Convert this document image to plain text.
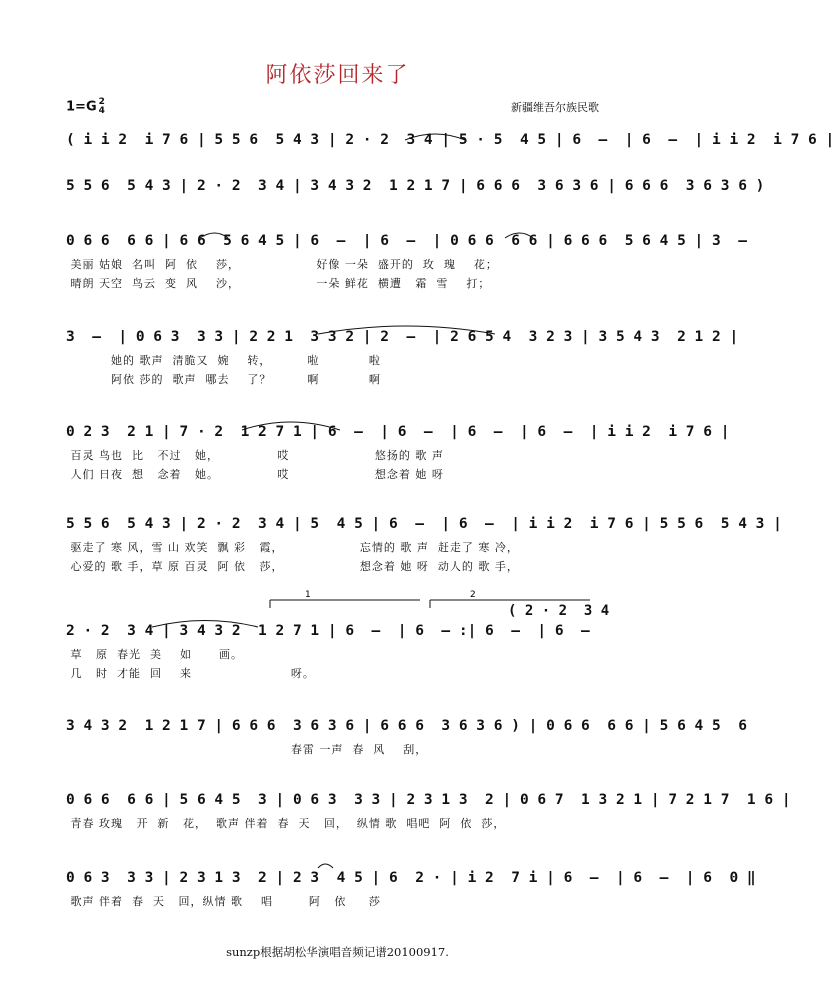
阿依莎回来了
1=G 2
4	新疆维吾尔族民歌
( i i 2  i 7 6 | 5 5 6  5 4 3 | 2 · 2  3 4 | 5 · 5  4 5 | 6  –  | 6  –  | i i 2  i 7 6 |
5 5 6  5 4 3 | 2 · 2  3 4 | 3 4 3 2  1 2 1 7 | 6 6 6  3 6 3 6 | 6 6 6  3 6 3 6 )
0 6 6  6 6 | 6 6  5 6 4 5 | 6  –  | 6  –  | 0 6 6  6 6 | 6 6 6  5 6 4 5 | 3  –
美丽 姑娘  名叫  阿  依    莎，                 好像 一朵  盛开的  玫  瑰    花；
晴朗 天空  鸟云  变  风    沙，                 一朵 鲜花  横遭   霜  雪    打；
3  –  | 0 6 3  3 3 | 2 2 1  3 3 2 | 2  –  | 2 6 5 4  3 2 3 | 3 5 4 3  2 1 2 |
她的 歌声  清脆又  婉    转，        啦           啦
阿依 莎的  歌声  哪去    了？        啊           啊
0 2 3  2 1 | 7 · 2  1 2 7 1 | 6  –  | 6  –  | 6  –  | 6  –  | i i 2  i 7 6 |
百灵 鸟也  比   不过   她，             哎                   悠扬的 歌 声
人们 日夜  想   念着   她。             哎                   想念着 她 呀
5 5 6  5 4 3 | 2 · 2  3 4 | 5  4 5 | 6  –  | 6  –  | i i 2  i 7 6 | 5 5 6  5 4 3 |
驱走了 寒 风，雪 山 欢笑  飘 彩   霞，                 忘情的 歌 声  赶走了 寒 冷，
心爱的 歌 手，草 原 百灵  阿 依   莎，                 想念着 她 呀  动人的 歌 手，
2 · 2  3 4 | 3 4 3 2  1 2 7 1 | 6  –  | 6  – :| 6  –  | 6  –
草   原  春光  美    如      画。
几   时  才能  回    来                      呀。
3 4 3 2  1 2 1 7 | 6 6 6  3 6 3 6 | 6 6 6  3 6 3 6 ) | 0 6 6  6 6 | 5 6 4 5  6
春雷 一声  春  风    刮，
0 6 6  6 6 | 5 6 4 5  3 | 0 6 3  3 3 | 2 3 1 3  2 | 0 6 7  1 3 2 1 | 7 2 1 7  1 6 |
青春 玫瑰   开  新   花，  歌声 伴着  春  天   回，  纵情 歌  唱吧  阿  依  莎，
0 6 3  3 3 | 2 3 1 3  2 | 2 3  4 5 | 6  2 · | i 2  7 i | 6  –  | 6  –  | 6  0 ‖
歌声 伴着  春  天   回，纵情 歌    唱        阿   依     莎
( 2 · 2  3 4
1	2
sunzp根据胡松华演唱音频记谱20100917.
